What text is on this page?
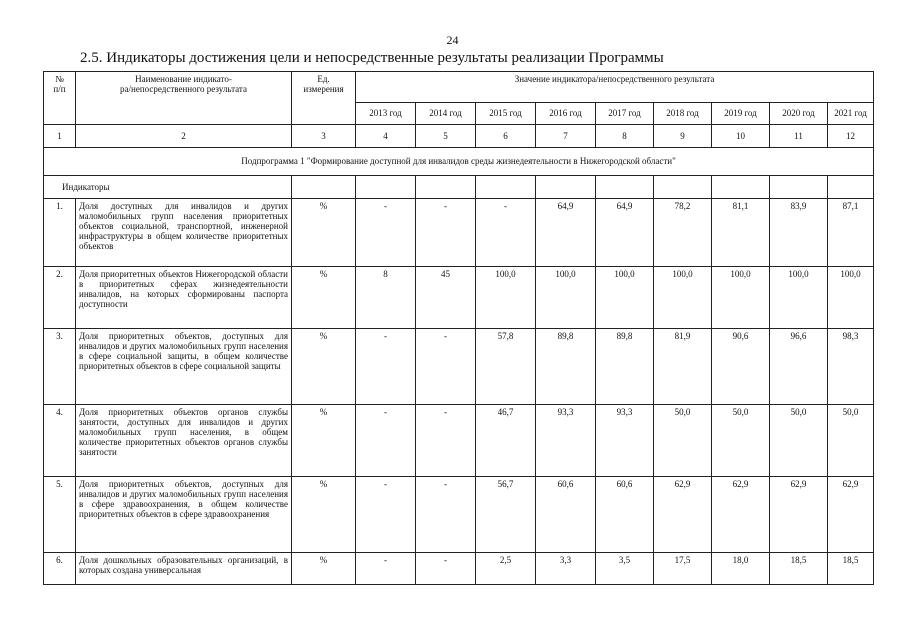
24
2.5. Индикаторы достижения цели и непосредственные результаты реализации Программы
№
п/п	Наименование индикато-
ра/непосредственного результата	Ед.
измерения	Значение индикатора/непосредственного результата								
			2013 год	2014 год	2015 год	2016 год	2017 год	2018 год	2019 год	2020 год	2021 год
1	2	3	4	5	6	7	8	9	10	11	12
Подпрограмма 1 "Формирование доступной для инвалидов среды жизнедеятельности в Нижегородской области"											
Индикаторы											
1.	Доля доступных для инвалидов и других маломобильных групп населения приоритетных объектов социальной, транспортной, инженерной инфраструктуры в общем количестве приоритетных объектов	%	-	-	-	64,9	64,9	78,2	81,1	83,9	87,1
2.	Доля приоритетных объектов Нижегородской области в приоритетных сферах жизнедеятельности инвалидов, на которых сформированы паспорта доступности	%	8	45	100,0	100,0	100,0	100,0	100,0	100,0	100,0
3.	Доля приоритетных объектов, доступных для инвалидов и других маломобильных групп населения в сфере социальной защиты, в общем количестве приоритетных объектов в сфере социальной защиты	%	-	-	57,8	89,8	89,8	81,9	90,6	96,6	98,3
4.	Доля приоритетных объектов органов службы занятости, доступных для инвалидов и других маломобильных групп населения, в общем количестве приоритетных объектов органов службы занятости	%	-	-	46,7	93,3	93,3	50,0	50,0	50,0	50,0
5.	Доля приоритетных объектов, доступных для инвалидов и других маломобильных групп населения в сфере здравоохранения, в общем количестве приоритетных объектов в сфере здравоохранения	%	-	-	56,7	60,6	60,6	62,9	62,9	62,9	62,9
6.	Доля дошкольных образовательных организаций, в которых создана универсальная	%	-	-	2,5	3,3	3,5	17,5	18,0	18,5	18,5
